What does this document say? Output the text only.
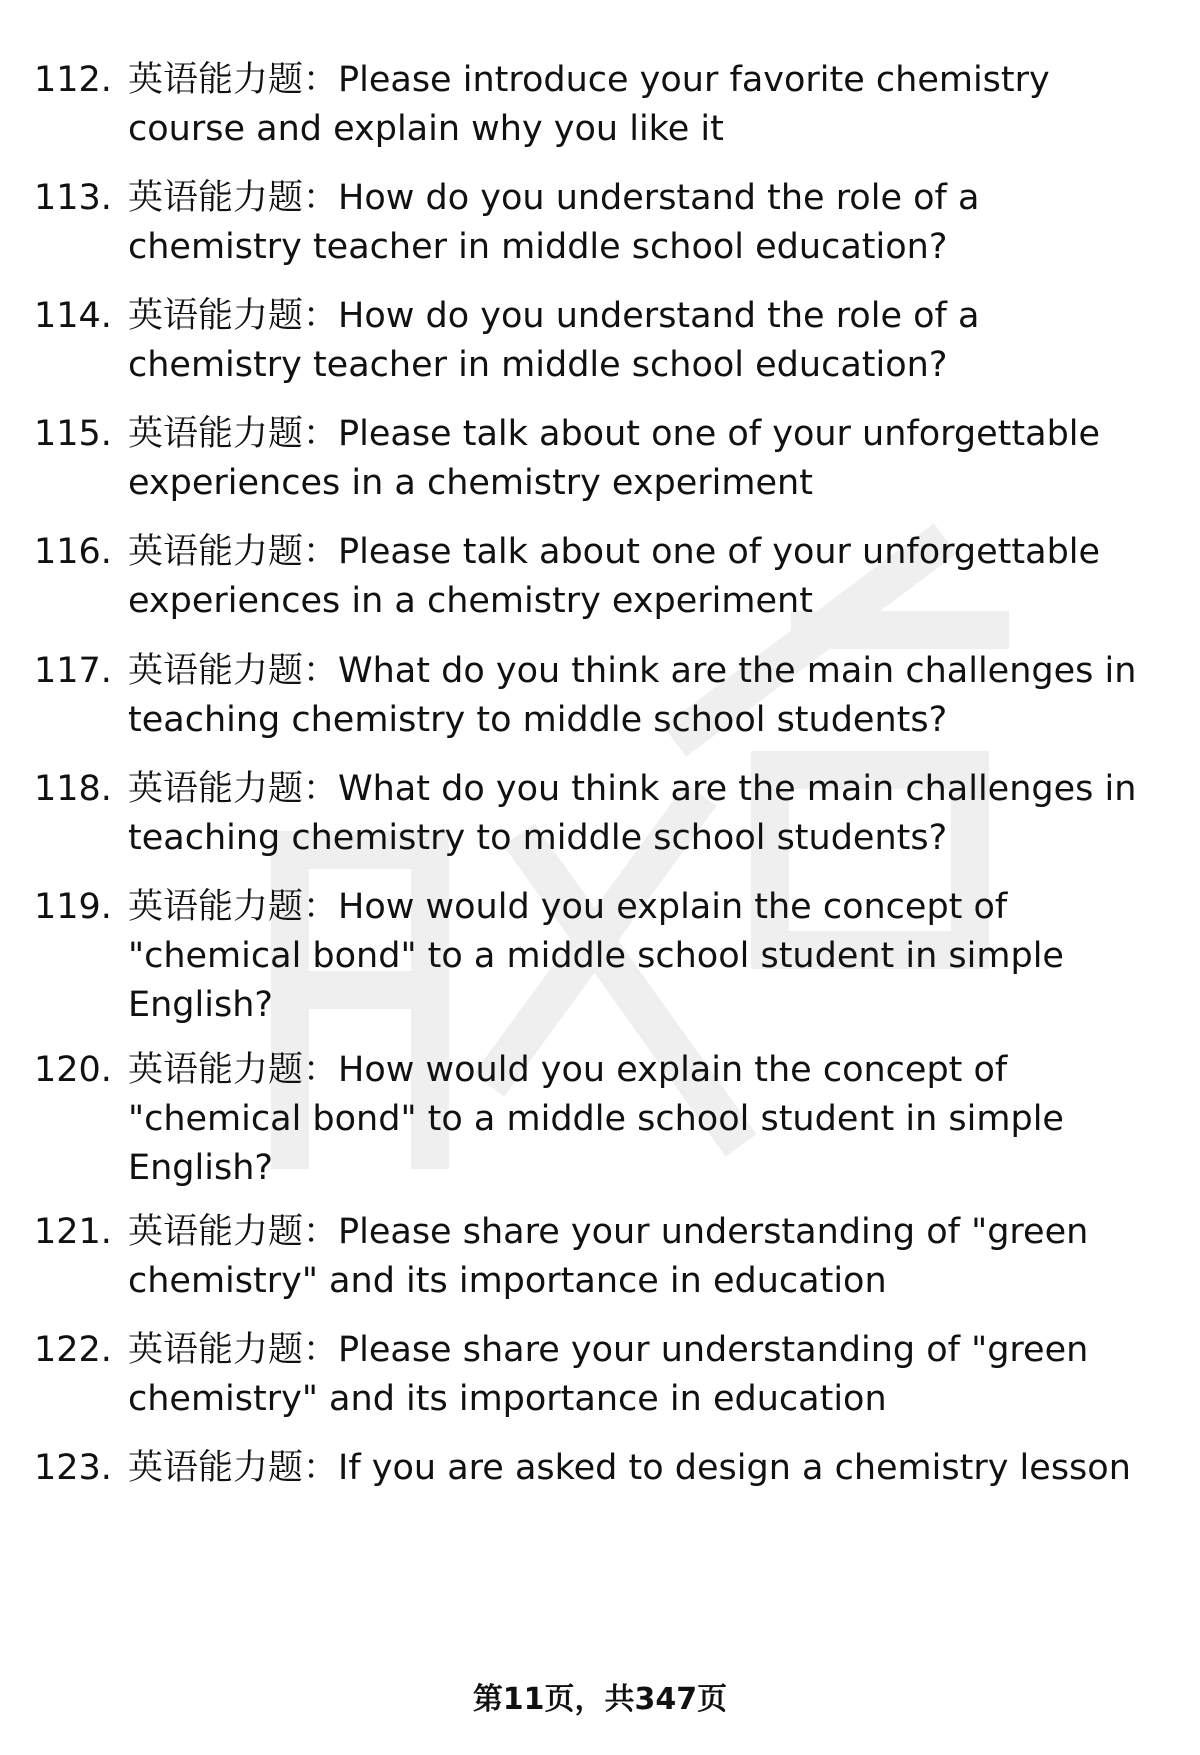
112. 英语能力题：Please introduce your favorite chemistry course and explain why you like it
113. 英语能力题：How do you understand the role of a chemistry teacher in middle school education?
114. 英语能力题：How do you understand the role of a chemistry teacher in middle school education?
115. 英语能力题：Please talk about one of your unforgettable experiences in a chemistry experiment
116. 英语能力题：Please talk about one of your unforgettable experiences in a chemistry experiment
117. 英语能力题：What do you think are the main challenges in teaching chemistry to middle school students?
118. 英语能力题：What do you think are the main challenges in teaching chemistry to middle school students?
119. 英语能力题：How would you explain the concept of "chemical bond" to a middle school student in simple English?
120. 英语能力题：How would you explain the concept of "chemical bond" to a middle school student in simple English?
121. 英语能力题：Please share your understanding of "green chemistry" and its importance in education
122. 英语能力题：Please share your understanding of "green chemistry" and its importance in education
123. 英语能力题：If you are asked to design a chemistry lesson
第11页，共347页
